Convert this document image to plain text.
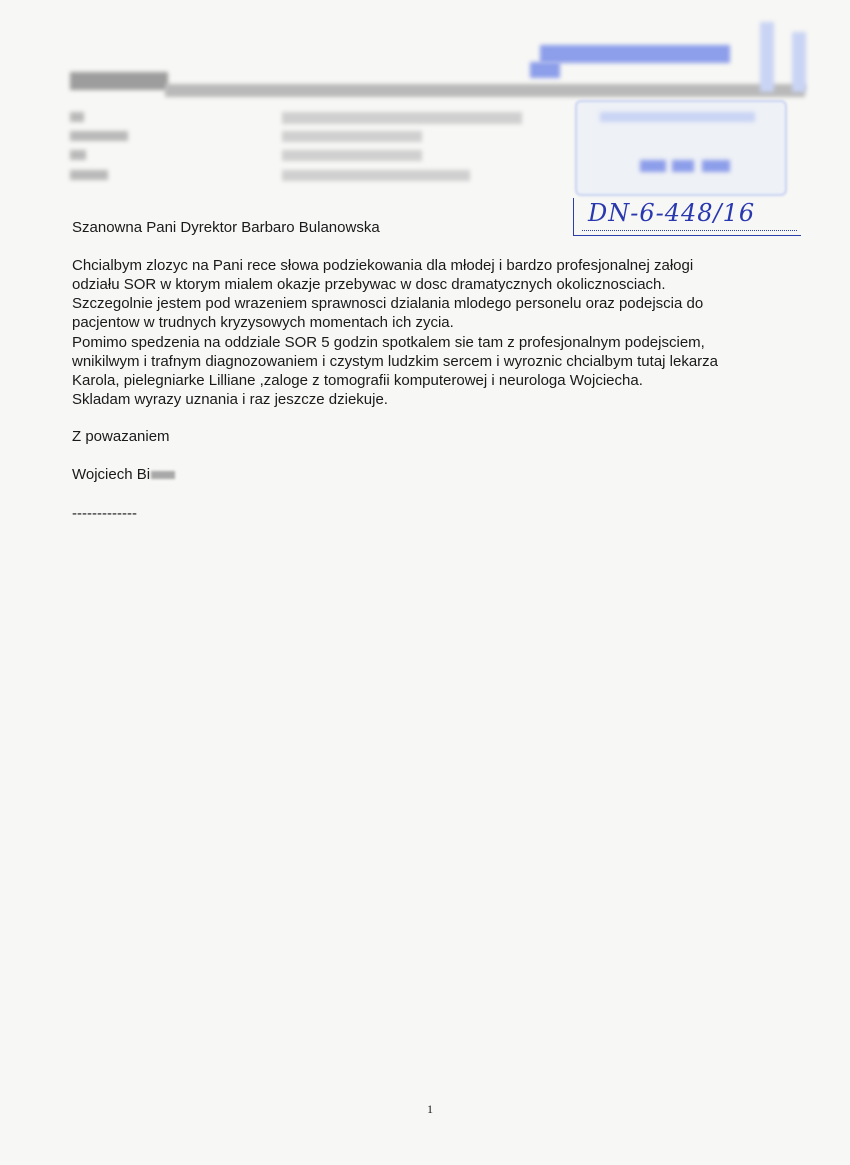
DN-6-448/16
Szanowna Pani Dyrektor Barbaro Bulanowska
Chcialbym zlozyc na Pani rece słowa podziekowania dla młodej i bardzo profesjonalnej załogi
odziału SOR w ktorym mialem okazje przebywac w dosc dramatycznych okolicznosciach.
Szczegolnie jestem pod wrazeniem sprawnosci dzialania mlodego personelu oraz podejscia do
pacjentow w trudnych kryzysowych momentach ich zycia.
Pomimo spedzenia na oddziale SOR 5 godzin spotkalem sie tam z profesjonalnym podejsciem,
wnikilwym i trafnym diagnozowaniem i czystym ludzkim sercem i wyroznic chcialbym tutaj lekarza
Karola, pielegniarke Lilliane ,zaloge z tomografii komputerowej i neurologa Wojciecha.
Skladam wyrazy uznania i raz jeszcze dziekuje.
Z powazaniem
Wojciech Bi
-------------
1
